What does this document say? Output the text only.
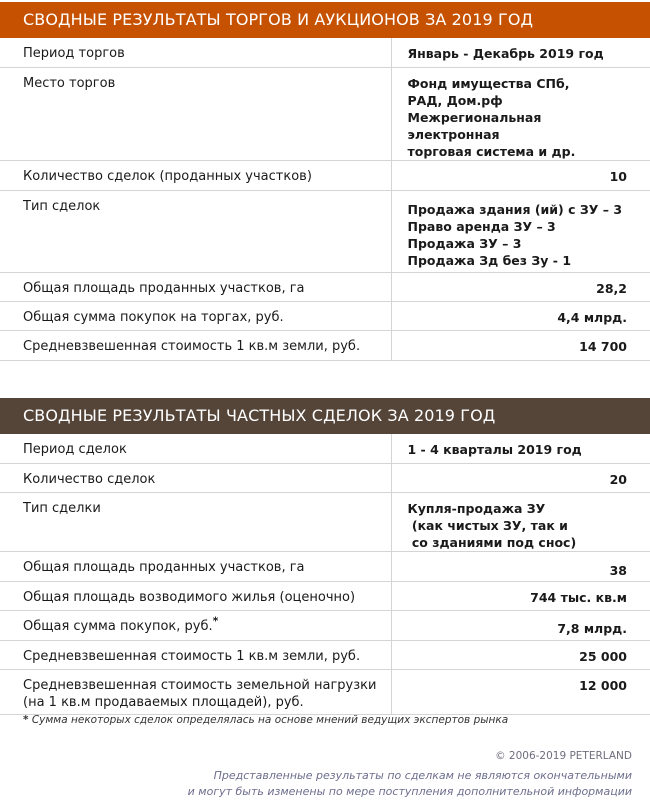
СВОДНЫЕ РЕЗУЛЬТАТЫ ТОРГОВ И АУКЦИОНОВ ЗА 2019 ГОД
Период торгов	Январь - Декабрь 2019 год
Место торгов	Фонд имущества СПб,
РАД, Дом.рф
Межрегиональная электронная
торговая система и др.

Количество сделок (проданных участков)	10
Тип сделок	Продажа здания (ий) с ЗУ – 3
Право аренда ЗУ – 3
Продажа ЗУ – 3
Продажа Зд без Зу - 1

Общая площадь проданных участков, га	28,2
Общая сумма покупок на торгах, руб.	4,4 млрд.
Средневзвешенная стоимость 1 кв.м земли, руб.	14 700
СВОДНЫЕ РЕЗУЛЬТАТЫ ЧАСТНЫХ СДЕЛОК ЗА 2019 ГОД
Период сделок	1 - 4 кварталы 2019 год
Количество сделок	20
Тип сделки	Купля-продажа ЗУ
(как чистых ЗУ, так и
со зданиями под снос)

Общая площадь проданных участков, га	38
Общая площадь возводимого жилья (оценочно)	744 тыс. кв.м
Общая сумма покупок, руб.*	7,8 млрд.
Средневзвешенная стоимость 1 кв.м земли, руб.	25 000

Средневзвешенная стоимость земельной нагрузки
(на 1 кв.м продаваемых площадей), руб.	12 000
* Сумма некоторых сделок определялась на основе мнений ведущих экспертов рынка
© 2006-2019 PETERLAND
Представленные результаты по сделкам не являются окончательными
и могут быть изменены по мере поступления дополнительной информации
